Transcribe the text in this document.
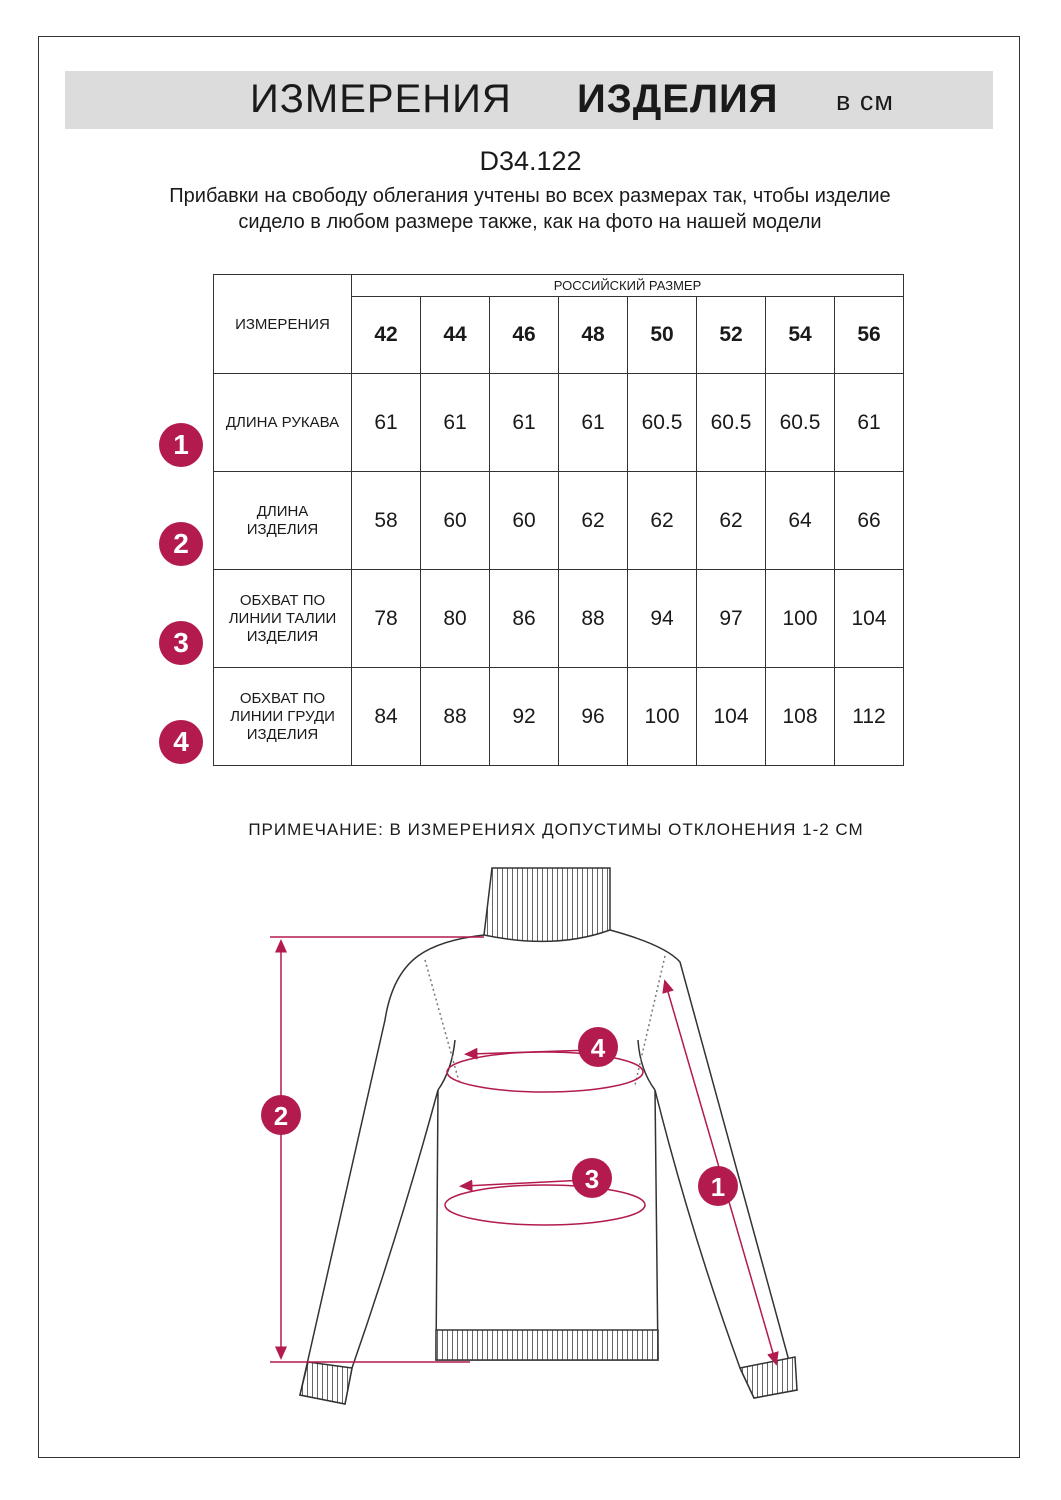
ИЗМЕРЕНИЯ ИЗДЕЛИЯ в см
D34.122
Прибавки на свободу облегания учтены во всех размерах так, чтобы изделие сидело в любом размере также, как на фото на нашей модели
ИЗМЕРЕНИЯ	РОССИЙСКИЙ РАЗМЕР							
	42	44	46	48	50	52	54	56
ДЛИНА РУКАВА	61	61	61	61	60.5	60.5	60.5	61
ДЛИНА ИЗДЕЛИЯ	58	60	60	62	62	62	64	66
ОБХВАТ ПО ЛИНИИ ТАЛИИ ИЗДЕЛИЯ	78	80	86	88	94	97	100	104
ОБХВАТ ПО ЛИНИИ ГРУДИ ИЗДЕЛИЯ	84	88	92	96	100	104	108	112
1
2
3
4
ПРИМЕЧАНИЕ: В ИЗМЕРЕНИЯХ ДОПУСТИМЫ ОТКЛОНЕНИЯ 1-2 СМ
2
4
3	1
